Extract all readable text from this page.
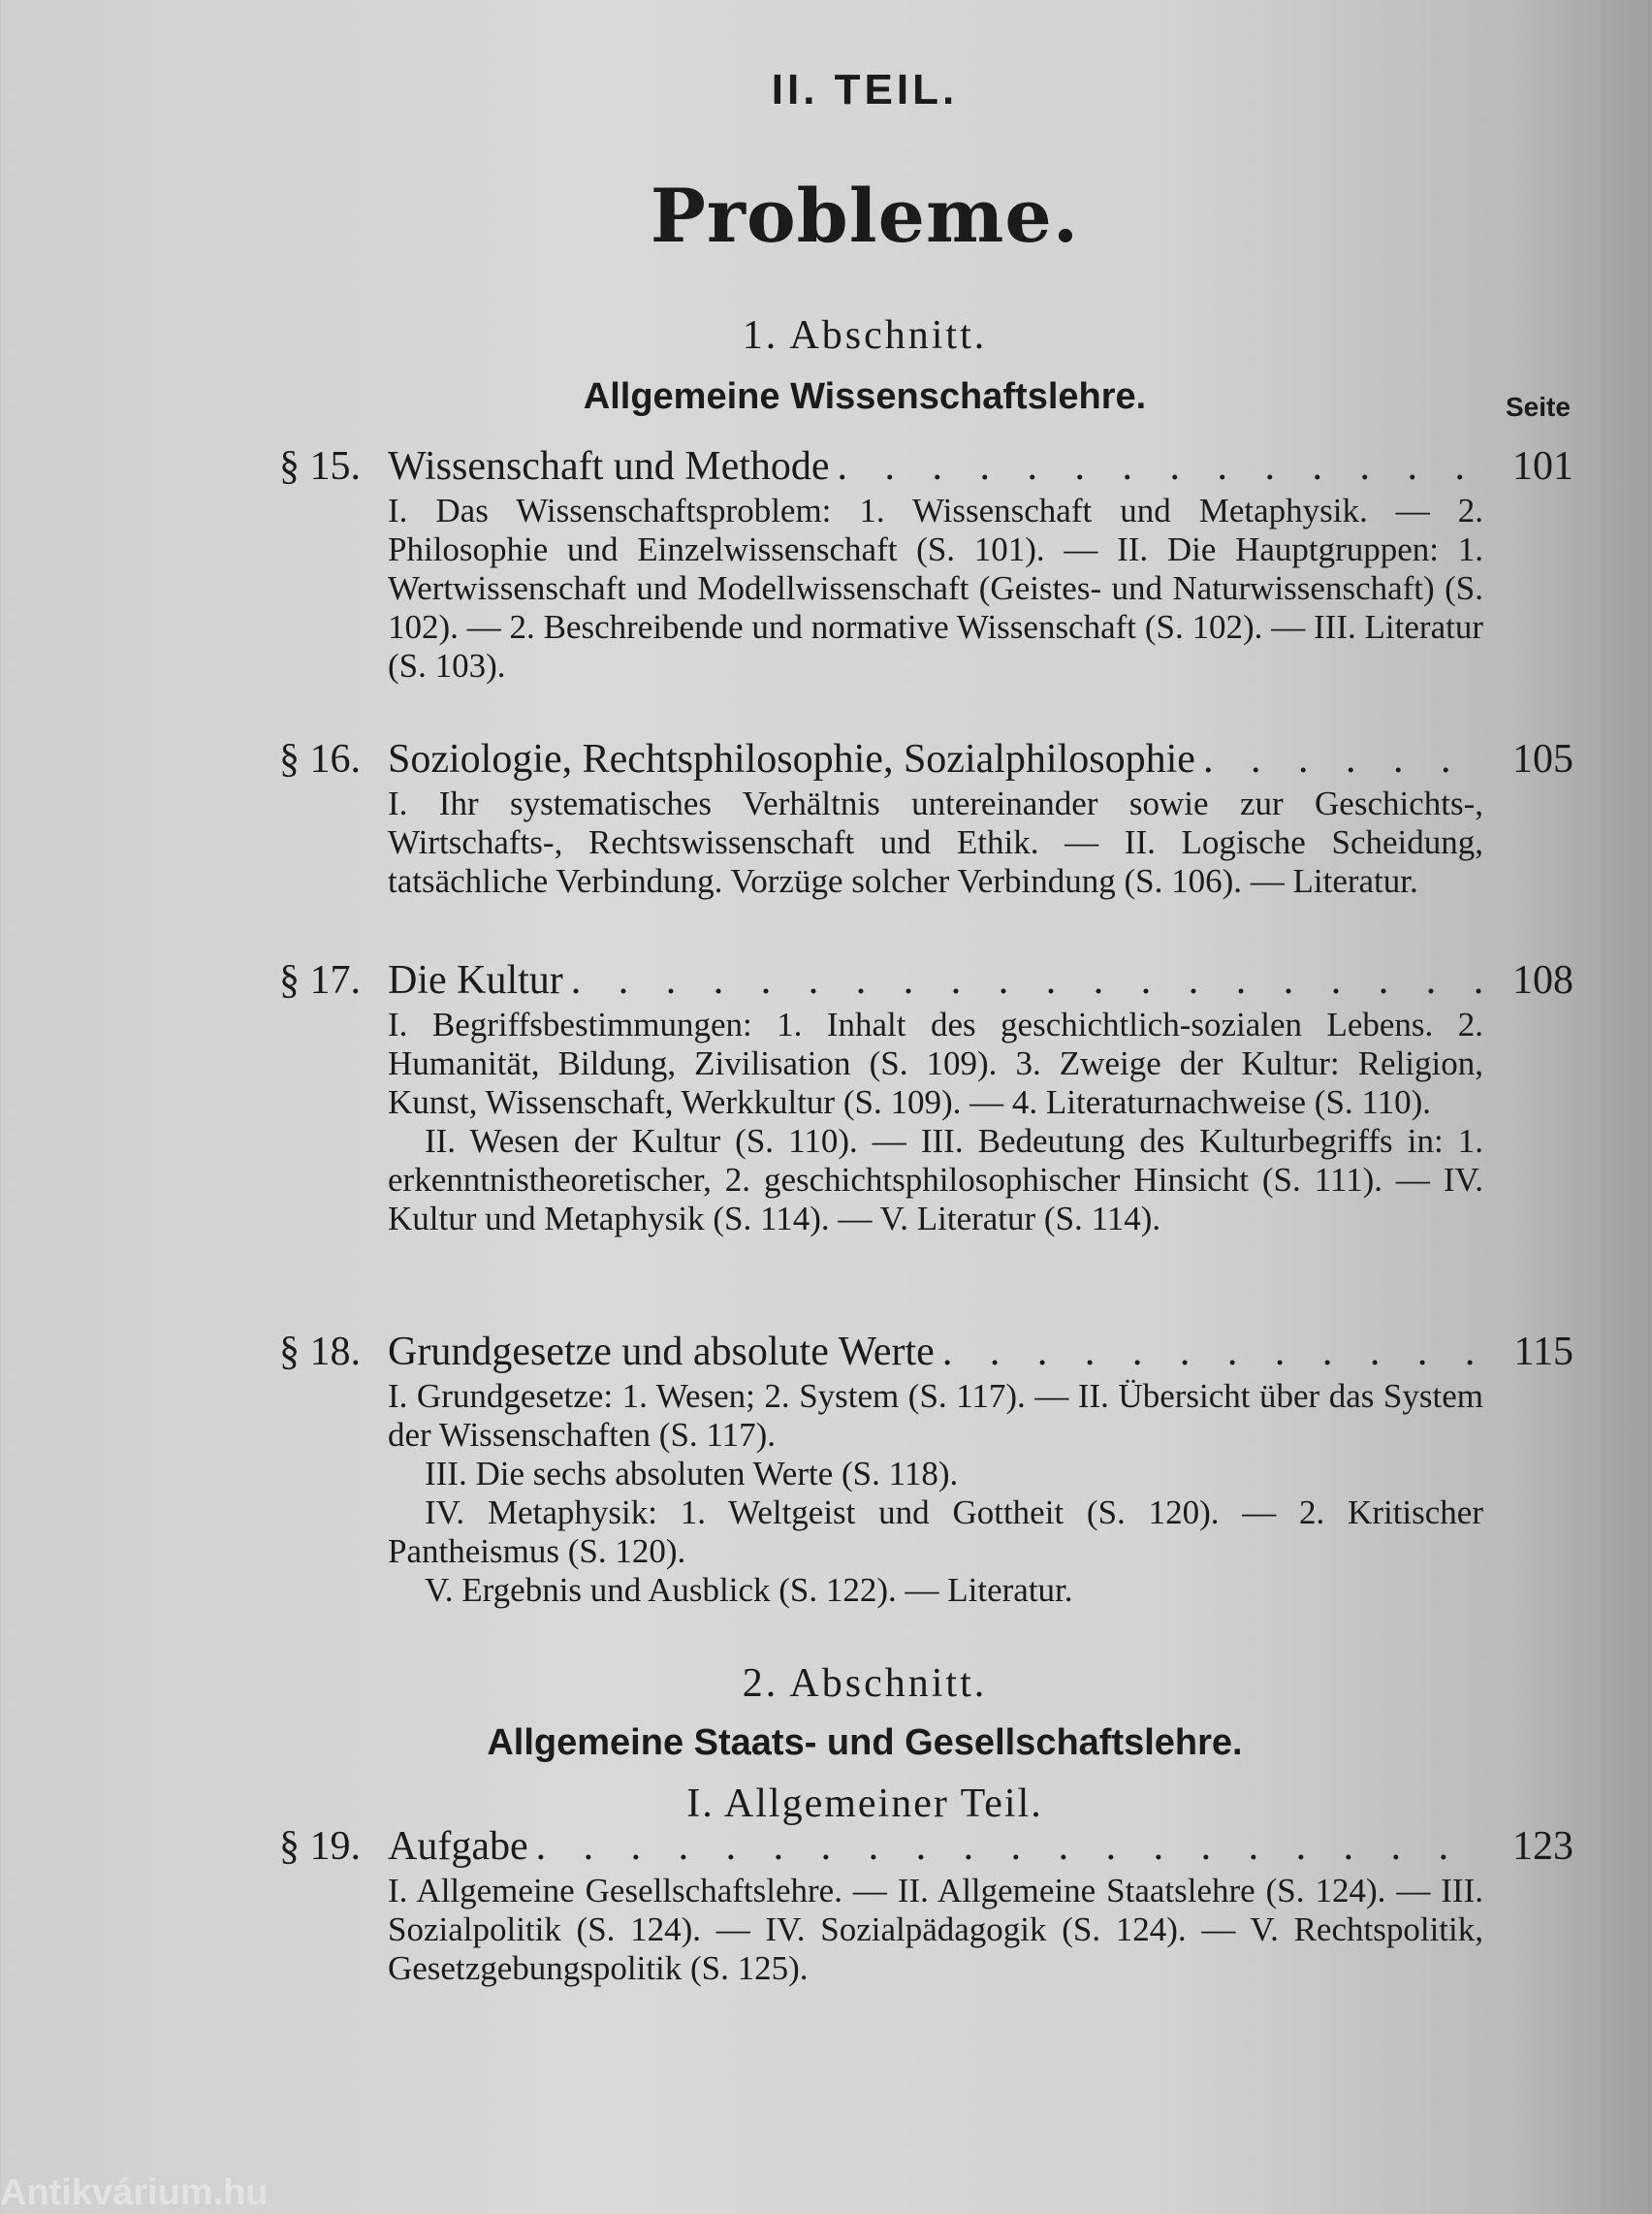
II. TEIL.
Probleme.
1. Abschnitt.
Allgemeine Wissenschaftslehre.	Seite
§ 15. Wissenschaft und Methode . . .	101

I. Das Wissenschaftsproblem: 1. Wissenschaft und Metaphysik. — 2. Philosophie und Einzelwissenschaft (S. 101). — II. Die Hauptgruppen: 1. Wertwissenschaft und Modellwissenschaft (Geistes- und Naturwissenschaft) (S. 102). — 2. Beschreibende und normative Wissenschaft (S. 102). — III. Literatur (S. 103).

§ 16. Soziologie, Rechtsphilosophie, Sozialphilosophie . . .	105

I. Ihr systematisches Verhältnis untereinander sowie zur Geschichts-, Wirtschafts-, Rechtswissenschaft und Ethik. — II. Logische Scheidung, tatsächliche Verbindung. Vorzüge solcher Verbindung (S. 106). — Literatur.

§ 17. Die Kultur . . .	108

I. Begriffsbestimmungen: 1. Inhalt des geschichtlich-sozialen Lebens. 2. Humanität, Bildung, Zivilisation (S. 109). 3. Zweige der Kultur: Religion, Kunst, Wissenschaft, Werkkultur (S. 109). — 4. Literaturnachweise (S. 110).

II. Wesen der Kultur (S. 110). — III. Bedeutung des Kulturbegriffs in: 1. erkenntnistheoretischer, 2. geschichtsphilosophischer Hinsicht (S. 111). — IV. Kultur und Metaphysik (S. 114). — V. Literatur (S. 114).

§ 18. Grundgesetze und absolute Werte . . .	115

I. Grundgesetze: 1. Wesen; 2. System (S. 117). — II. Übersicht über das System der Wissenschaften (S. 117).

III. Die sechs absoluten Werte (S. 118).

IV. Metaphysik: 1. Weltgeist und Gottheit (S. 120). — 2. Kritischer Pantheismus (S. 120).

V. Ergebnis und Ausblick (S. 122). — Literatur.

2. Abschnitt.
Allgemeine Staats- und Gesellschaftslehre.
I. Allgemeiner Teil.
§ 19. Aufgabe . . .	123

I. Allgemeine Gesellschaftslehre. — II. Allgemeine Staatslehre (S. 124). — III. Sozialpolitik (S. 124). — IV. Sozialpädagogik (S. 124). — V. Rechtspolitik, Gesetzgebungspolitik (S. 125).

Antikvárium.hu
